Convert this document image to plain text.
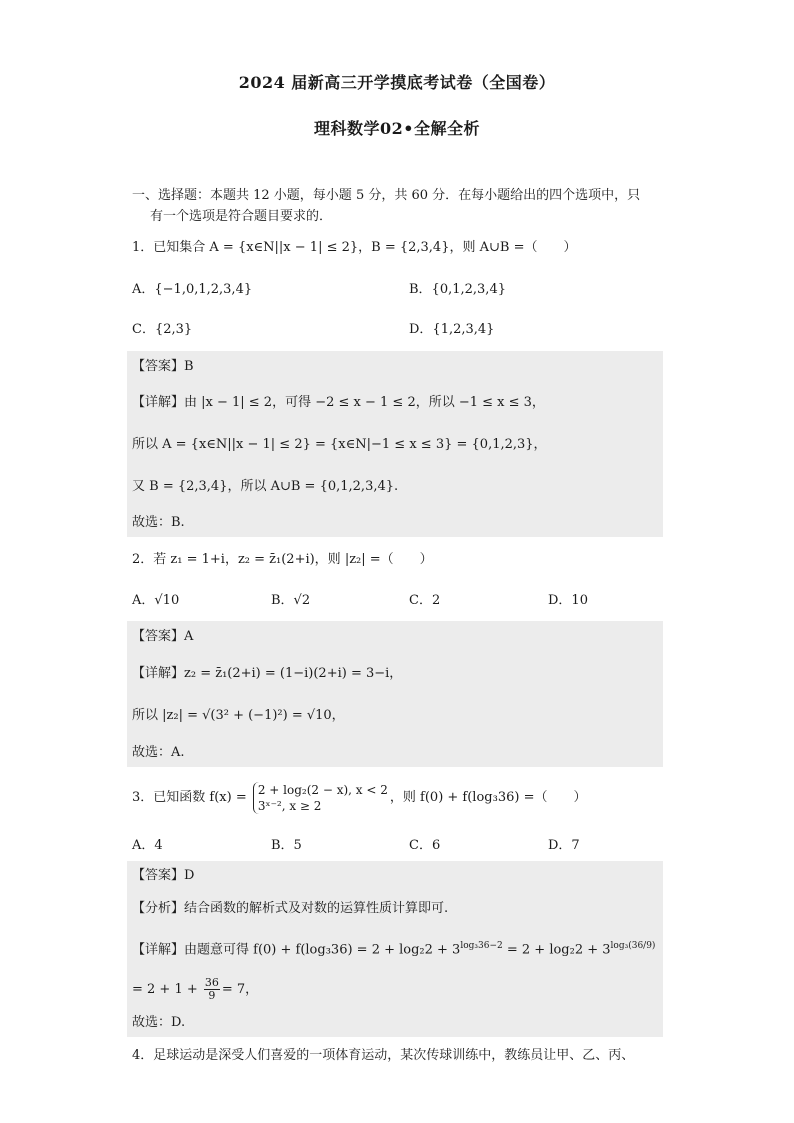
2024 届新高三开学摸底考试卷（全国卷）
理科数学02•全解全析
一、选择题：本题共 12 小题，每小题 5 分，共 60 分．在每小题给出的四个选项中，只
有一个选项是符合题目要求的．
1．已知集合 A = {x∈N||x − 1| ≤ 2}，B = {2,3,4}，则 A∪B =（　　）
A．{−1,0,1,2,3,4}	B．{0,1,2,3,4}
C．{2,3}	D．{1,2,3,4}
【答案】B
【详解】由 |x − 1| ≤ 2，可得 −2 ≤ x − 1 ≤ 2，所以 −1 ≤ x ≤ 3，
所以 A = {x∈N||x − 1| ≤ 2} = {x∈N|−1 ≤ x ≤ 3} = {0,1,2,3}，
又 B = {2,3,4}，所以 A∪B = {0,1,2,3,4}.
故选：B.
2．若 z₁ = 1+i，z₂ = z̄₁(2+i)，则 |z₂| =（　　）
A．√10	B．√2	C．2	D．10
【答案】A
【详解】z₂ = z̄₁(2+i) = (1−i)(2+i) = 3−i，
所以 |z₂| = √(3² + (−1)²) = √10，
故选：A.
3．已知函数 f(x) =
2 + log₂(2 − x), x < 2
3ˣ⁻², x ≥ 2
，则 f(0) + f(log₃36) =（　　）
A．4	B．5	C．6	D．7
【答案】D
【分析】结合函数的解析式及对数的运算性质计算即可.
【详解】由题意可得 $f(0) + f(\log_336) = 2 + \log_22 + 3^{log_336-2} = 2 + \log_22 + 3^{log_3(36/9)}$
= $2 + 1 + \frac{36}{9} = 7$，
故选：D.
4．足球运动是深受人们喜爱的一项体育运动，某次传球训练中，教练员让甲、乙、丙、
